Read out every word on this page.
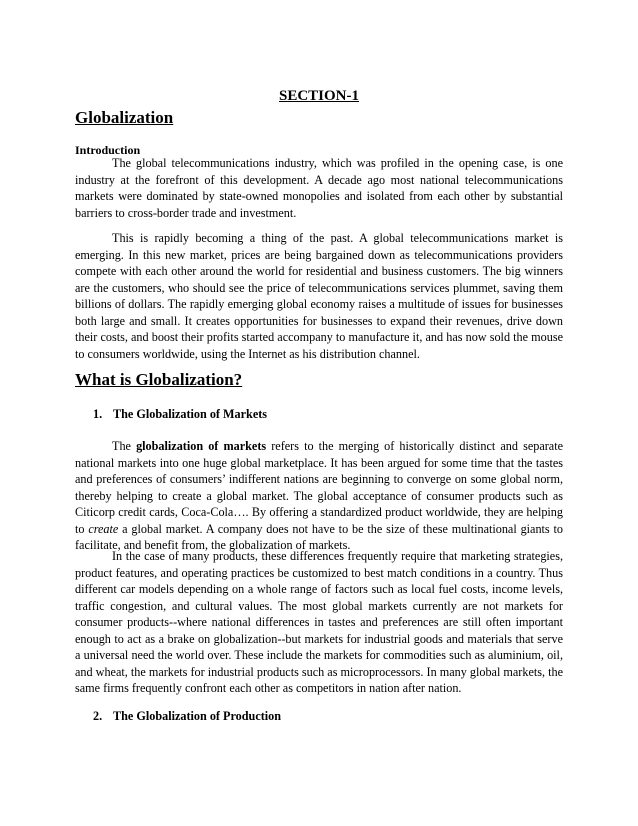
SECTION-1
Globalization
Introduction

The global telecommunications industry, which was profiled in the opening case, is one industry at the forefront of this development. A decade ago most national telecommunications markets were dominated by state-owned monopolies and isolated from each other by substantial barriers to cross-border trade and investment.

This is rapidly becoming a thing of the past. A global telecommunications market is emerging. In this new market, prices are being bargained down as telecommunications providers compete with each other around the world for residential and business customers. The big winners are the customers, who should see the price of telecommunications services plummet, saving them billions of dollars. The rapidly emerging global economy raises a multitude of issues for businesses both large and small. It creates opportunities for businesses to expand their revenues, drive down their costs, and boost their profits started accompany to manufacture it, and has now sold the mouse to consumers worldwide, using the Internet as his distribution channel.

What is Globalization?
1. The Globalization of Markets

The globalization of markets refers to the merging of historically distinct and separate national markets into one huge global marketplace. It has been argued for some time that the tastes and preferences of consumers’ indifferent nations are beginning to converge on some global norm, thereby helping to create a global market. The global acceptance of consumer products such as Citicorp credit cards, Coca-Cola…. By offering a standardized product worldwide, they are helping to create a global market. A company does not have to be the size of these multinational giants to facilitate, and benefit from, the globalization of markets.

In the case of many products, these differences frequently require that marketing strategies, product features, and operating practices be customized to best match conditions in a country. Thus different car models depending on a whole range of factors such as local fuel costs, income levels, traffic congestion, and cultural values. The most global markets currently are not markets for consumer products--where national differences in tastes and preferences are still often important enough to act as a brake on globalization--but markets for industrial goods and materials that serve a universal need the world over. These include the markets for commodities such as aluminium, oil, and wheat, the markets for industrial products such as microprocessors. In many global markets, the same firms frequently confront each other as competitors in nation after nation.

2. The Globalization of Production
